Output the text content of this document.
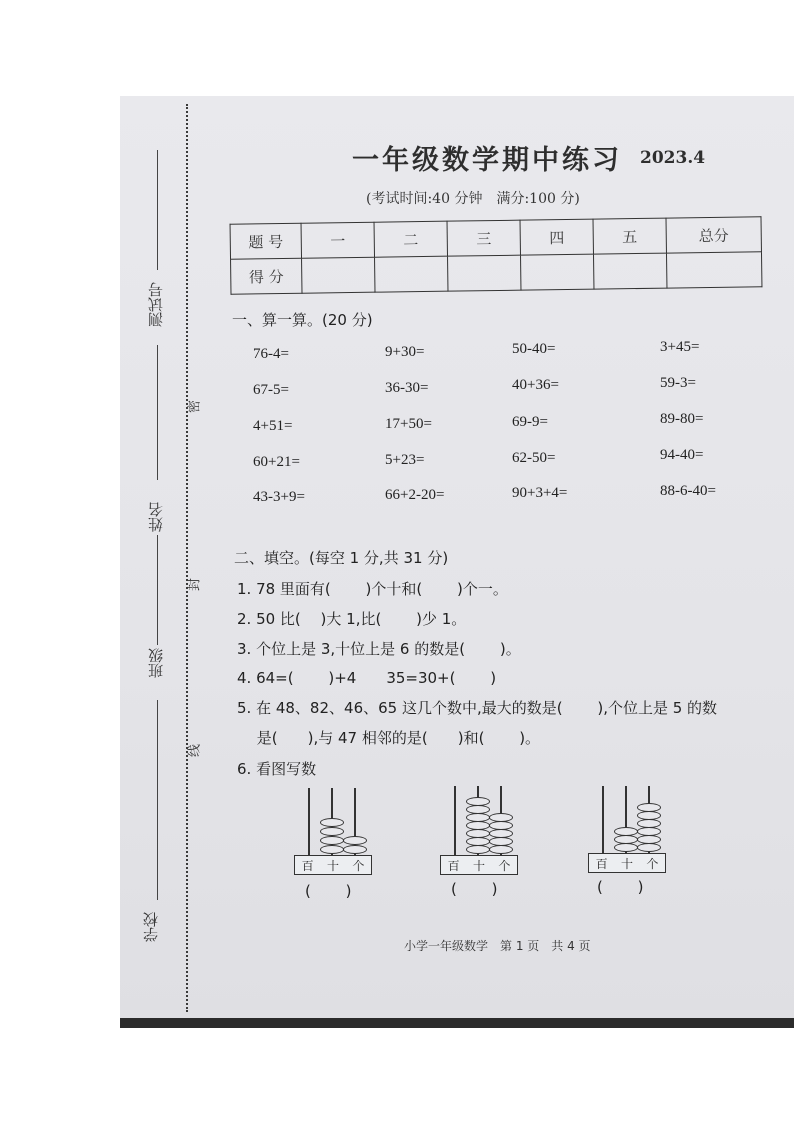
测试号
姓名
班级
学校
密
封
线
一年级数学期中练习 2023.4
(考试时间:40 分钟　满分:100 分)
题 号	一	二	三	四	五	总分
得 分						
一、算一算。(20 分)
76-4=	9+30=	50-40=	3+45=
67-5=	36-30=	40+36=	59-3=
4+51=	17+50=	69-9=	89-80=
60+21=	5+23=	62-50=	94-40=
43-3+9=	66+2-20=	90+3+4=	88-6-40=
二、填空。(每空 1 分,共 31 分)
1. 78 里面有(　　 )个十和(　　 )个一。
2. 50 比(　 )大 1,比(　　 )少 1。
3. 个位上是 3,十位上是 6 的数是(　　 )。
4. 64=(　　 )+4　　35=30+(　　 )
5. 在 48、82、46、65 这几个数中,最大的数是(　　 ),个位上是 5 的数
　 是(　　),与 47 相邻的是(　　)和(　　 )。
6. 看图写数
百 十 个
(　　 )
百 十 个
(　　 )
百 十 个
(　　 )
小学一年级数学　第 1 页　共 4 页
